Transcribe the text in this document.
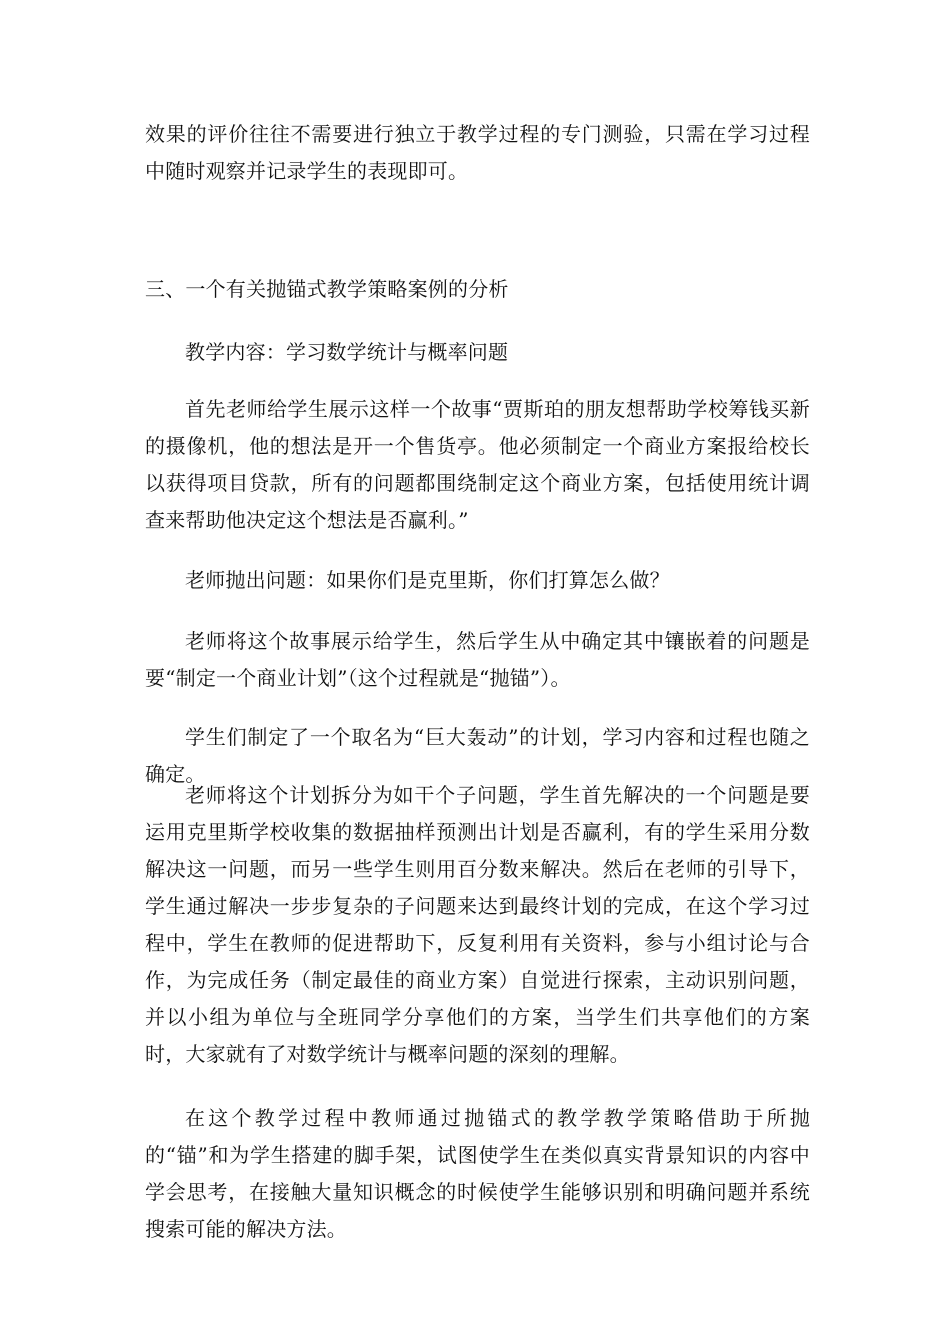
效果的评价往往不需要进行独立于教学过程的专门测验，只需在学习过程中随时观察并记录学生的表现即可。

三、一个有关抛锚式教学策略案例的分析

教学内容：学习数学统计与概率问题

首先老师给学生展示这样一个故事“贾斯珀的朋友想帮助学校筹钱买新的摄像机，他的想法是开一个售货亭。他必须制定一个商业方案报给校长以获得项目贷款，所有的问题都围绕制定这个商业方案，包括使用统计调查来帮助他决定这个想法是否赢利。”

老师抛出问题：如果你们是克里斯，你们打算怎么做？

老师将这个故事展示给学生，然后学生从中确定其中镶嵌着的问题是要“制定一个商业计划”（这个过程就是“抛锚”）。

学生们制定了一个取名为“巨大轰动”的计划，学习内容和过程也随之确定。

老师将这个计划拆分为如干个子问题，学生首先解决的一个问题是要运用克里斯学校收集的数据抽样预测出计划是否赢利，有的学生采用分数解决这一问题，而另一些学生则用百分数来解决。然后在老师的引导下，学生通过解决一步步复杂的子问题来达到最终计划的完成，在这个学习过程中，学生在教师的促进帮助下，反复利用有关资料，参与小组讨论与合作，为完成任务（制定最佳的商业方案）自觉进行探索，主动识别问题，并以小组为单位与全班同学分享他们的方案，当学生们共享他们的方案时，大家就有了对数学统计与概率问题的深刻的理解。

在这个教学过程中教师通过抛锚式的教学教学策略借助于所抛的“锚”和为学生搭建的脚手架，试图使学生在类似真实背景知识的内容中学会思考，在接触大量知识概念的时候使学生能够识别和明确问题并系统搜索可能的解决方法。
